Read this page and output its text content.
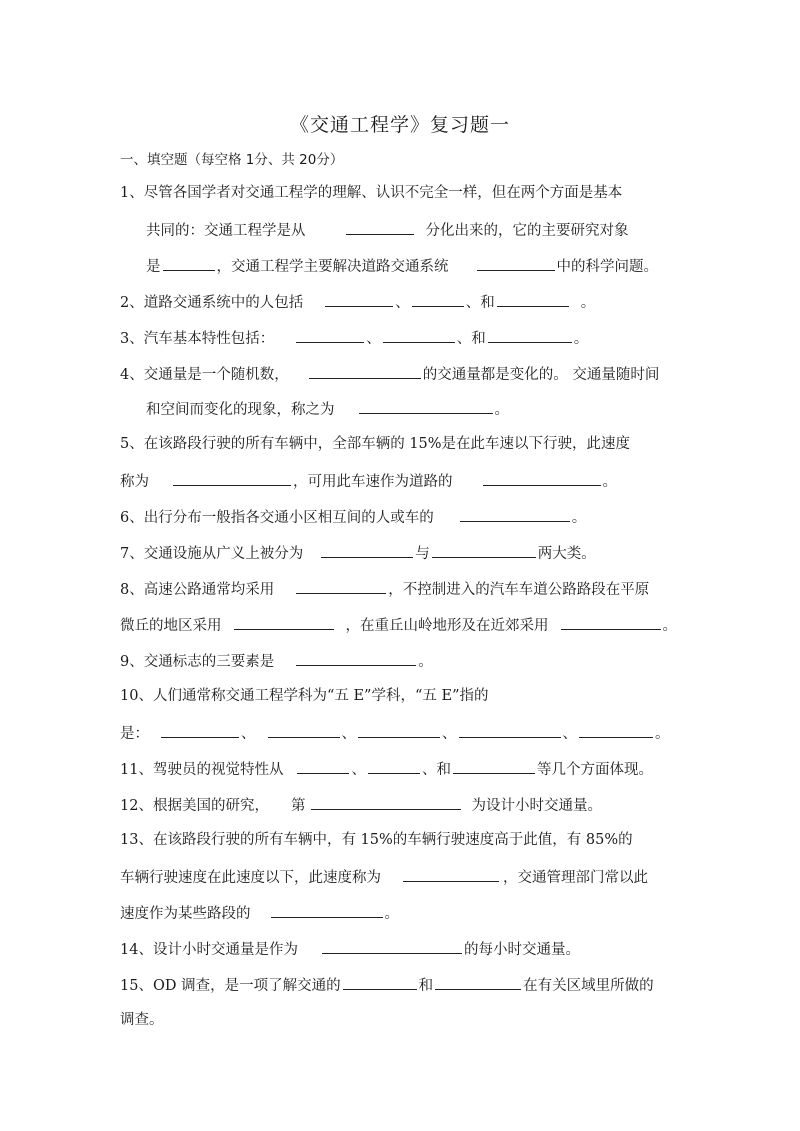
《交通工程学》复习题一
一、填空题（每空格 1分、共 20分）
1、尽管各国学者对交通工程学的理解、认识不完全一样，但在两个方面是基本
共同的：交通工程学是从	分化出来的，它的主要研究对象
是	，交通工程学主要解决道路交通系统	中的科学问题。
2、道路交通系统中的人包括	、	、和	。
3、汽车基本特性包括：	、	、和	。
4、交通量是一个随机数，	的交通量都是变化的。 交通量随时间
和空间而变化的现象，称之为	。
5、在该路段行驶的所有车辆中，全部车辆的 15%是在此车速以下行驶，此速度
称为	，可用此车速作为道路的	。
6、出行分布一般指各交通小区相互间的人或车的	。
7、交通设施从广义上被分为	与	两大类。
8、高速公路通常均采用	，不控制进入的汽车车道公路路段在平原
微丘的地区采用	，在重丘山岭地形及在近郊采用	。
9、交通标志的三要素是	。
10、人们通常称交通工程学科为“五 E”学科，“五 E”指的
是：	、	、	、	、	。
11、驾驶员的视觉特性从	、	、和	等几个方面体现。
12、根据美国的研究， 第	为设计小时交通量。
13、在该路段行驶的所有车辆中，有 15%的车辆行驶速度高于此值，有 85%的
车辆行驶速度在此速度以下，此速度称为	，交通管理部门常以此
速度作为某些路段的	。
14、设计小时交通量是作为	的每小时交通量。
15、OD 调查，是一项了解交通的	和	在有关区域里所做的
调查。
